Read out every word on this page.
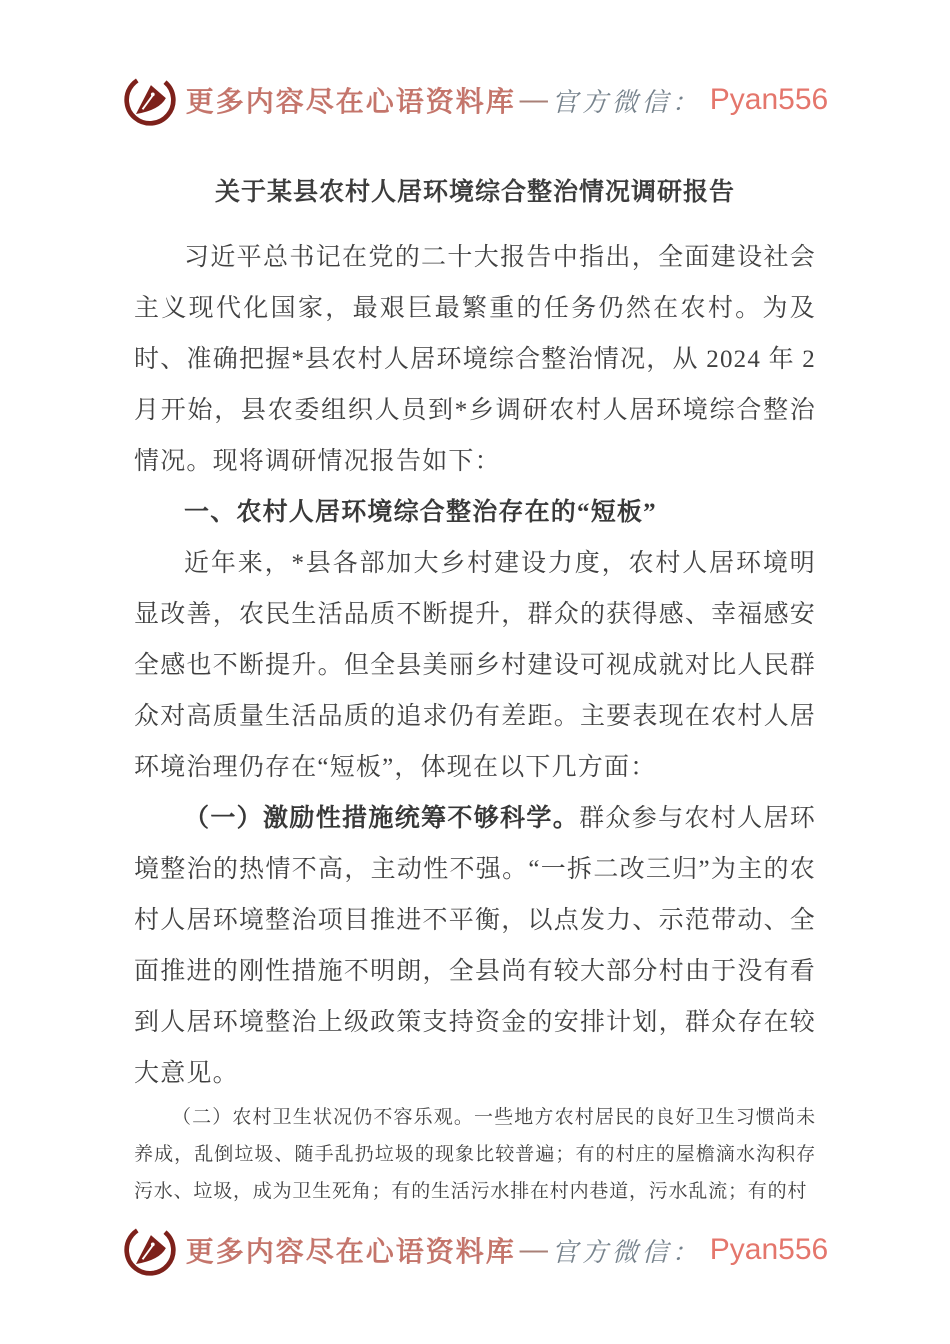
更多内容尽在心语资料库 — 官方微信： Pyan556
关于某县农村人居环境综合整治情况调研报告

习近平总书记在党的二十大报告中指出，全面建设社会主义现代化国家，最艰巨最繁重的任务仍然在农村。为及时、准确把握*县农村人居环境综合整治情况，从 2024 年 2 月开始，县农委组织人员到*乡调研农村人居环境综合整治情况。现将调研情况报告如下：

一、农村人居环境综合整治存在的“短板”

近年来，*县各部加大乡村建设力度，农村人居环境明显改善，农民生活品质不断提升，群众的获得感、幸福感安全感也不断提升。但全县美丽乡村建设可视成就对比人民群众对高质量生活品质的追求仍有差距。主要表现在农村人居环境治理仍存在“短板”，体现在以下几方面：

（一）激励性措施统筹不够科学。群众参与农村人居环境整治的热情不高，主动性不强。“一拆二改三归”为主的农村人居环境整治项目推进不平衡，以点发力、示范带动、全面推进的刚性措施不明朗，全县尚有较大部分村由于没有看到人居环境整治上级政策支持资金的安排计划，群众存在较大意见。

（二）农村卫生状况仍不容乐观。一些地方农村居民的良好卫生习惯尚未养成，乱倒垃圾、随手乱扔垃圾的现象比较普遍；有的村庄的屋檐滴水沟积存污水、垃圾，成为卫生死角；有的生活污水排在村内巷道，污水乱流；有的村

更多内容尽在心语资料库 — 官方微信： Pyan556
